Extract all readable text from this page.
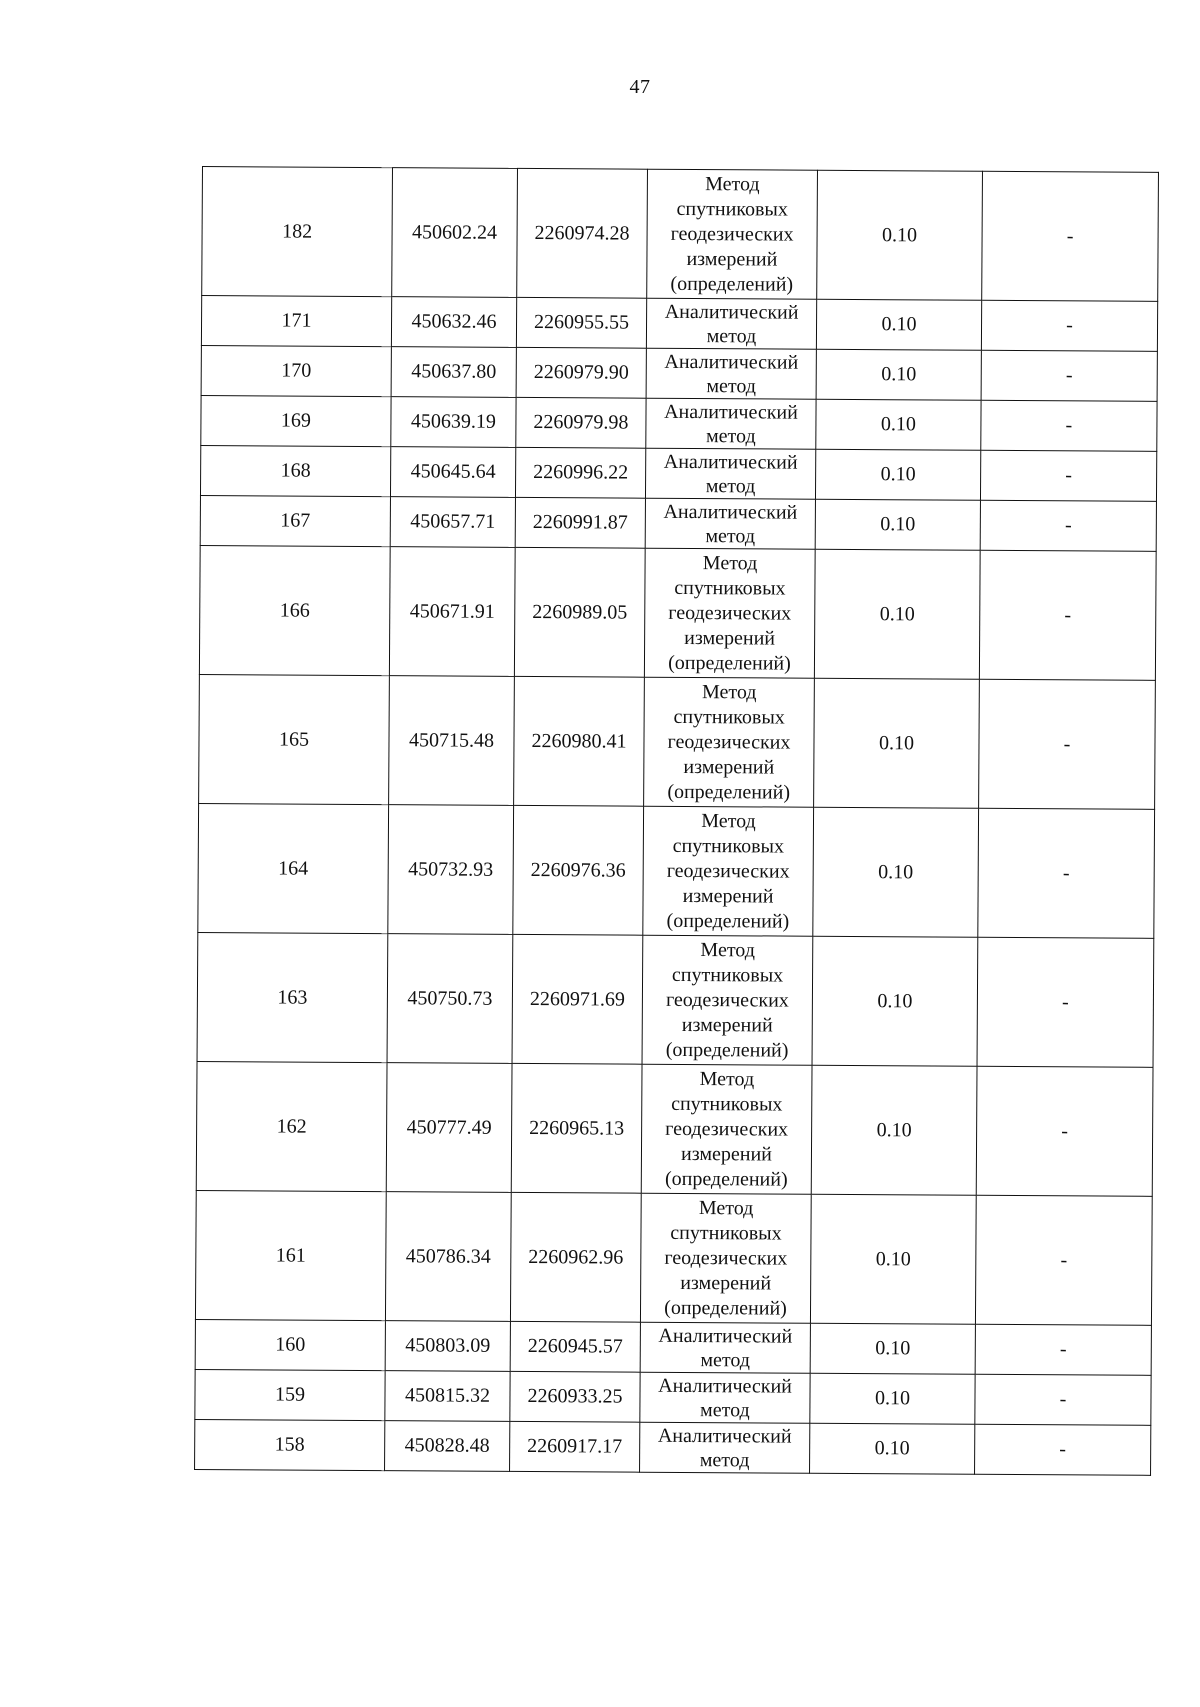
47
182	450602.24	2260974.28	Метод спутниковых геодезических измерений (определений)	0.10	-
171	450632.46	2260955.55	Аналитический метод	0.10	-
170	450637.80	2260979.90	Аналитический метод	0.10	-
169	450639.19	2260979.98	Аналитический метод	0.10	-
168	450645.64	2260996.22	Аналитический метод	0.10	-
167	450657.71	2260991.87	Аналитический метод	0.10	-
166	450671.91	2260989.05	Метод спутниковых геодезических измерений (определений)	0.10	-
165	450715.48	2260980.41	Метод спутниковых геодезических измерений (определений)	0.10	-
164	450732.93	2260976.36	Метод спутниковых геодезических измерений (определений)	0.10	-
163	450750.73	2260971.69	Метод спутниковых геодезических измерений (определений)	0.10	-
162	450777.49	2260965.13	Метод спутниковых геодезических измерений (определений)	0.10	-
161	450786.34	2260962.96	Метод спутниковых геодезических измерений (определений)	0.10	-
160	450803.09	2260945.57	Аналитический метод	0.10	-
159	450815.32	2260933.25	Аналитический метод	0.10	-
158	450828.48	2260917.17	Аналитический метод	0.10	-
